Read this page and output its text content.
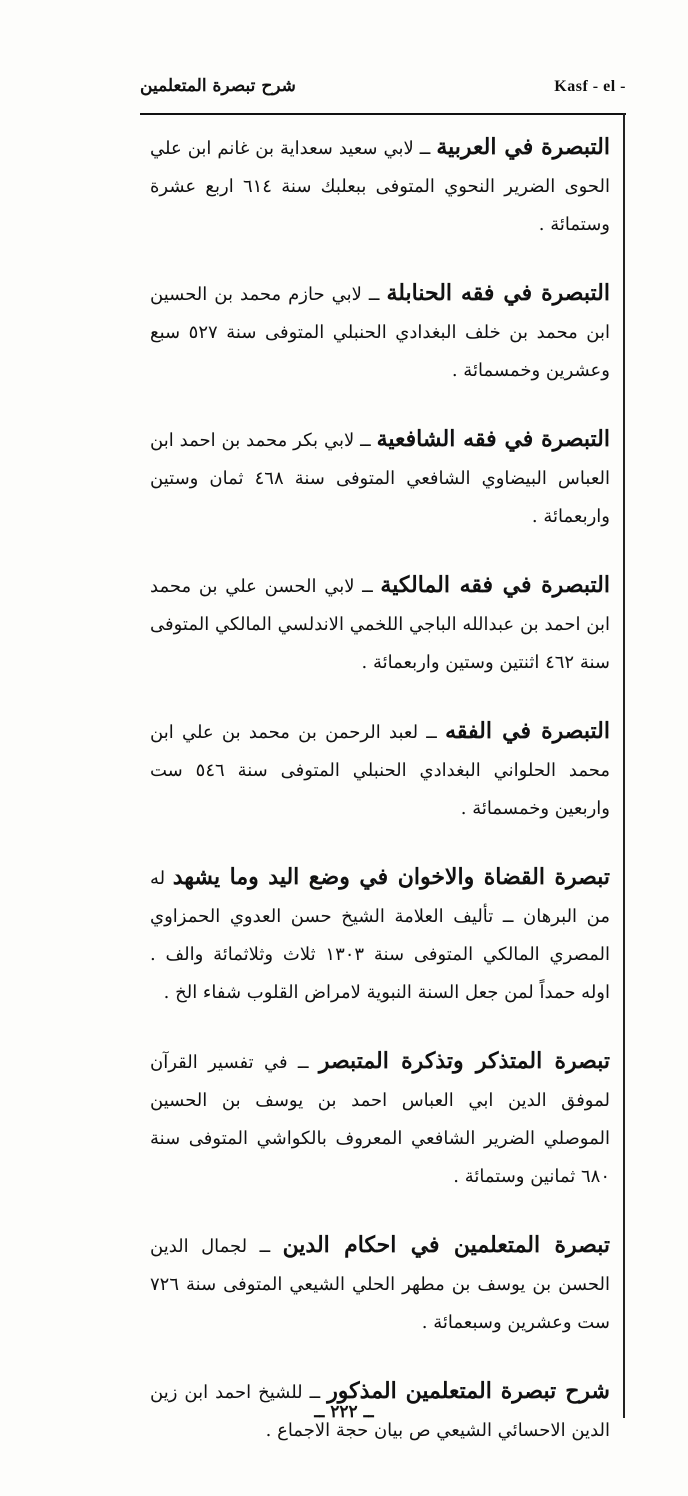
شرح تبصرة المتعلمين	Kasf - el -

التبصرة في العربية ــ لابي سعيد سعداية بن غانم ابن علي الحوى الضرير النحوي المتوفى ببعلبك سنة ٦١٤ اربع عشرة وستمائة .

التبصرة في فقه الحنابلة ــ لابي حازم محمد بن الحسين ابن محمد بن خلف البغدادي الحنبلي المتوفى سنة ٥٢٧ سبع وعشرين وخمسمائة .

التبصرة في فقه الشافعية ــ لابي بكر محمد بن احمد ابن العباس البيضاوي الشافعي المتوفى سنة ٤٦٨ ثمان وستين واربعمائة .

التبصرة في فقه المالكية ــ لابي الحسن علي بن محمد ابن احمد بن عبدالله الباجي اللخمي الاندلسي المالكي المتوفى سنة ٤٦٢ اثنتين وستين واربعمائة .

التبصرة في الفقه ــ لعبد الرحمن بن محمد بن علي ابن محمد الحلواني البغدادي الحنبلي المتوفى سنة ٥٤٦ ست واربعين وخمسمائة .

تبصرة القضاة والاخوان في وضع اليد وما يشهد له من البرهان ــ تأليف العلامة الشيخ حسن العدوي الحمزاوي المصري المالكي المتوفى سنة ١٣٠٣ ثلاث وثلاثمائة والف . اوله حمداً لمن جعل السنة النبوية لامراض القلوب شفاء الخ .

تبصرة المتذكر وتذكرة المتبصر ــ في تفسير القرآن لموفق الدين ابي العباس احمد بن يوسف بن الحسين الموصلي الضرير الشافعي المعروف بالكواشي المتوفى سنة ٦٨٠ ثمانين وستمائة .

تبصرة المتعلمين في احكام الدين ــ لجمال الدين الحسن بن يوسف بن مطهر الحلي الشيعي المتوفى سنة ٧٢٦ ست وعشرين وسبعمائة .

شرح تبصرة المتعلمين المذكور ــ للشيخ احمد ابن زين الدين الاحسائي الشيعي ص بيان حجة الاجماع .

ــ ٢٢٢ ــ
